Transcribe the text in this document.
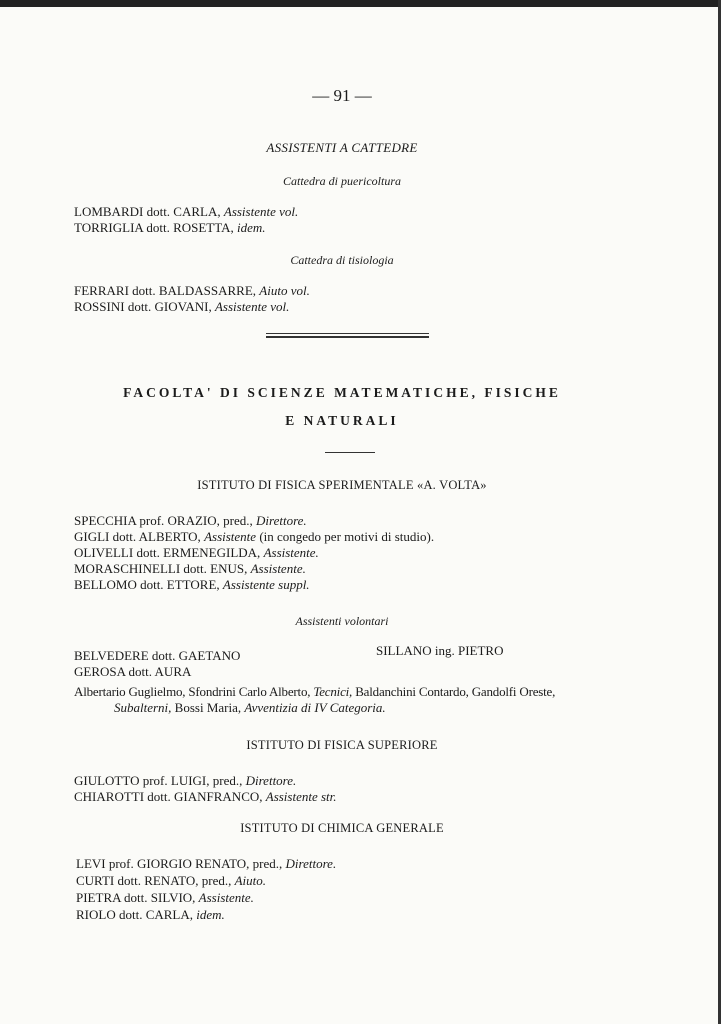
— 91 —
ASSISTENTI A CATTEDRE
Cattedra di puericoltura
LOMBARDI dott. CARLA, Assistente vol.
TORRIGLIA dott. ROSETTA, idem.
Cattedra di tisiologia
FERRARI dott. BALDASSARRE, Aiuto vol.
ROSSINI dott. GIOVANI, Assistente vol.
FACOLTA' DI SCIENZE MATEMATICHE, FISICHE
E NATURALI
ISTITUTO DI FISICA SPERIMENTALE «A. VOLTA»
SPECCHIA prof. ORAZIO, pred., Direttore.
GIGLI dott. ALBERTO, Assistente (in congedo per motivi di studio).
OLIVELLI dott. ERMENEGILDA, Assistente.
MORASCHINELLI dott. ENUS, Assistente.
BELLOMO dott. ETTORE, Assistente suppl.
Assistenti volontari
BELVEDERE dott. GAETANO	SILLANO ing. PIETRO
GEROSA dott. AURA
Albertario Guglielmo, Sfondrini Carlo Alberto, Tecnici, Baldanchini Contardo, Gandolfi Oreste,
Subalterni, Bossi Maria, Avventizia di IV Categoria.
ISTITUTO DI FISICA SUPERIORE
GIULOTTO prof. LUIGI, pred., Direttore.
CHIAROTTI dott. GIANFRANCO, Assistente str.
ISTITUTO DI CHIMICA GENERALE
LEVI prof. GIORGIO RENATO, pred., Direttore.
CURTI dott. RENATO, pred., Aiuto.
PIETRA dott. SILVIO, Assistente.
RIOLO dott. CARLA, idem.
